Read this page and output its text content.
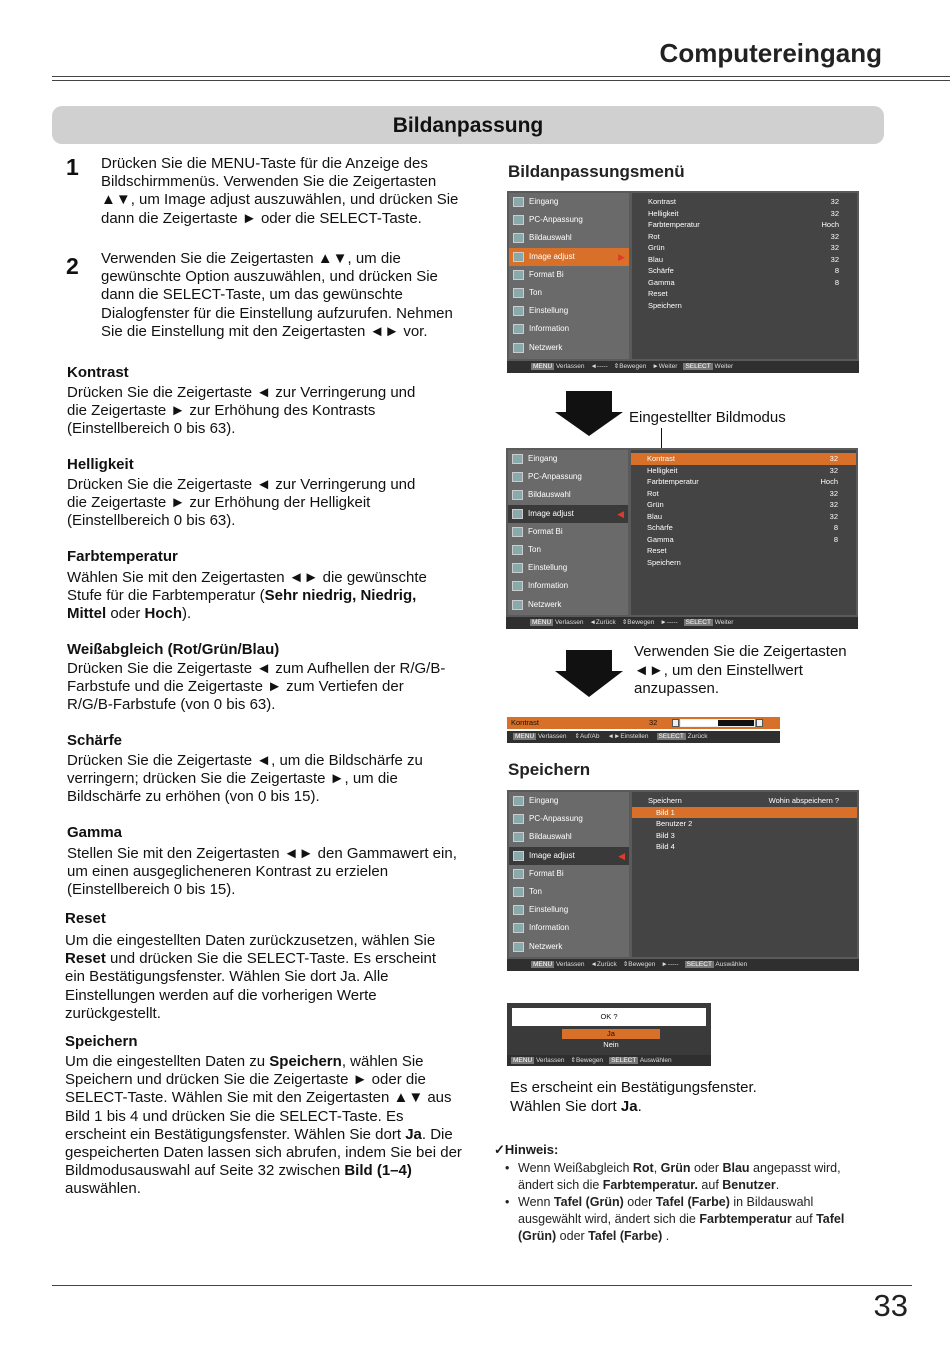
Computereingang
Bildanpassung
1 Drücken Sie die MENU-Taste für die Anzeige des Bildschirmmenüs. Verwenden Sie die Zeigertasten ▲▼, um Image adjust auszuwählen, und drücken Sie dann die Zeigertaste ► oder die SELECT-Taste.
2 Verwenden Sie die Zeigertasten ▲▼, um die gewünschte Option auszuwählen, und drücken Sie dann die SELECT-Taste, um das gewünschte Dialogfenster für die Einstellung aufzurufen. Nehmen Sie die Einstellung mit den Zeigertasten ◄► vor.
Kontrast
Drücken Sie die Zeigertaste ◄ zur Verringerung und die Zeigertaste ► zur Erhöhung des Kontrasts (Einstellbereich 0 bis 63).
Helligkeit
Drücken Sie die Zeigertaste ◄ zur Verringerung und die Zeigertaste ► zur Erhöhung der Helligkeit (Einstellbereich 0 bis 63).
Farbtemperatur
Wählen Sie mit den Zeigertasten ◄► die gewünschte Stufe für die Farbtemperatur (Sehr niedrig, Niedrig, Mittel oder Hoch).
Weißabgleich (Rot/Grün/Blau)
Drücken Sie die Zeigertaste ◄ zum Aufhellen der R/G/B-Farbstufe und die Zeigertaste ► zum Vertiefen der R/G/B-Farbstufe (von 0 bis 63).
Schärfe
Drücken Sie die Zeigertaste ◄, um die Bildschärfe zu verringern; drücken Sie die Zeigertaste ►, um die Bildschärfe zu erhöhen (von 0 bis 15).
Gamma
Stellen Sie mit den Zeigertasten ◄► den Gammawert ein, um einen ausgeglicheneren Kontrast zu erzielen (Einstellbereich 0 bis 15).
Reset
Um die eingestellten Daten zurückzusetzen, wählen Sie Reset und drücken Sie die SELECT-Taste. Es erscheint ein Bestätigungsfenster. Wählen Sie dort Ja. Alle Einstellungen werden auf die vorherigen Werte zurückgestellt.
Speichern
Um die eingestellten Daten zu Speichern, wählen Sie Speichern und drücken Sie die Zeigertaste ► oder die SELECT-Taste. Wählen Sie mit den Zeigertasten ▲▼ aus Bild 1 bis 4 und drücken Sie die SELECT-Taste. Es erscheint ein Bestätigungsfenster. Wählen Sie dort Ja. Die gespeicherten Daten lassen sich abrufen, indem Sie bei der Bildmodusauswahl auf Seite 32 zwischen Bild (1–4) auswählen.
Bildanpassungsmenü
Eingang
PC-Anpassung
Bildauswahl
Image adjust	▶
Format Bi
Ton
Einstellung
Information
Netzwerk
Kontrast	32
Helligkeit	32
Farbtemperatur	Hoch
Rot	32
Grün	32
Blau	32
Schärfe	8
Gamma	8
Reset
Speichern
MENU Verlassen ◄----- ⇕Bewegen ►Weiter	SELECT Weiter
Eingestellter Bildmodus
Eingang
PC-Anpassung
Bildauswahl
Image adjust	◀
Format Bi
Ton
Einstellung
Information
Netzwerk
Kontrast	32
Helligkeit	32
Farbtemperatur	Hoch
Rot	32
Grün	32
Blau	32
Schärfe	8
Gamma	8
Reset
Speichern
MENU Verlassen ◄Zurück ⇕Bewegen ►-----	SELECT Weiter
Verwenden Sie die Zeigertasten ◄►, um den Einstellwert anzupassen.
Kontrast	32
MENU Verlassen ⇕Auf/Ab ◄►Einstellen	SELECT Zurück
Speichern
Eingang
PC-Anpassung
Bildauswahl
Image adjust	◀
Format Bi
Ton
Einstellung
Information
Netzwerk
Speichern	Wohin abspeichern ?
Bild 1
Benutzer 2
Bild 3
Bild 4
MENU Verlassen ◄Zurück ⇕Bewegen ►-----	SELECT Auswählen
OK ?
Ja
Nein
MENU Verlassen ⇕Bewegen	SELECT Auswählen
Es erscheint ein Bestätigungsfenster. Wählen Sie dort Ja.
✓Hinweis:
• Wenn Weißabgleich Rot, Grün oder Blau angepasst wird, ändert sich die Farbtemperatur. auf Benutzer.
• Wenn Tafel (Grün) oder Tafel (Farbe) in Bildauswahl ausgewählt wird, ändert sich die Farbtemperatur auf Tafel (Grün) oder Tafel (Farbe) .
33
